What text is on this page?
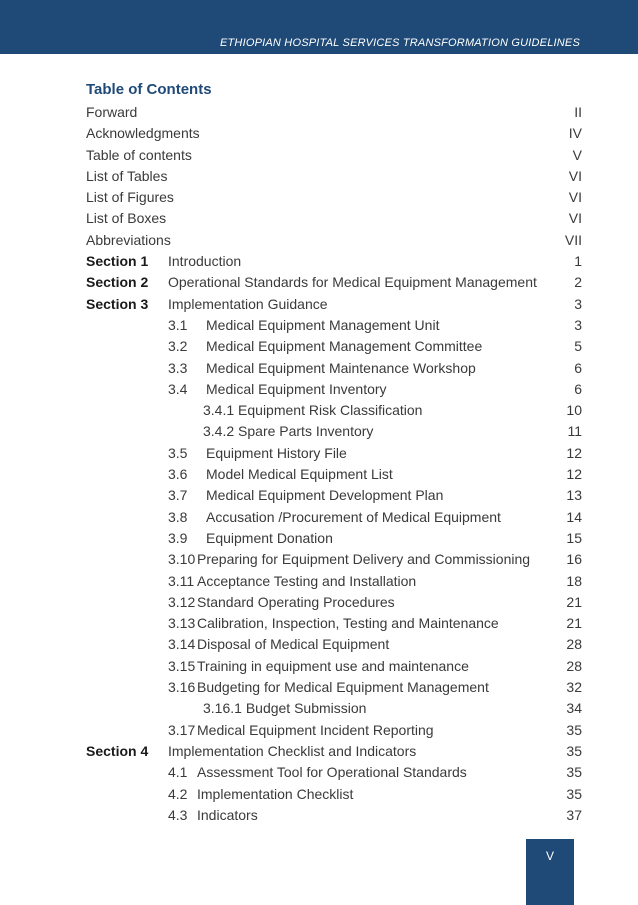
ETHIOPIAN HOSPITAL SERVICES TRANSFORMATION GUIDELINES
Table of Contents
Forward	II
Acknowledgments	IV
Table of contents	V
List of Tables	VI
List of Figures	VI
List of Boxes	VI
Abbreviations	VII
Section 1 Introduction	1
Section 2 Operational Standards for Medical Equipment Management	2
Section 3 Implementation Guidance	3
3.1 Medical Equipment Management Unit	3
3.2 Medical Equipment Management Committee	5
3.3 Medical Equipment Maintenance Workshop	6
3.4 Medical Equipment Inventory	6
3.4.1 Equipment Risk Classification	10
3.4.2 Spare Parts Inventory	11
3.5 Equipment History File	12
3.6 Model Medical Equipment List	12
3.7 Medical Equipment Development Plan	13
3.8 Accusation /Procurement of Medical Equipment	14
3.9 Equipment Donation	15
3.10 Preparing for Equipment Delivery and Commissioning	16
3.11 Acceptance Testing and Installation	18
3.12 Standard Operating Procedures	21
3.13 Calibration, Inspection, Testing and Maintenance	21
3.14 Disposal of Medical Equipment	28
3.15 Training in equipment use and maintenance	28
3.16 Budgeting for Medical Equipment Management	32
3.16.1 Budget Submission	34
3.17 Medical Equipment Incident Reporting	35
Section 4 Implementation Checklist and Indicators	35
4.1 Assessment Tool for Operational Standards	35
4.2 Implementation Checklist	35
4.3 Indicators	37
V
